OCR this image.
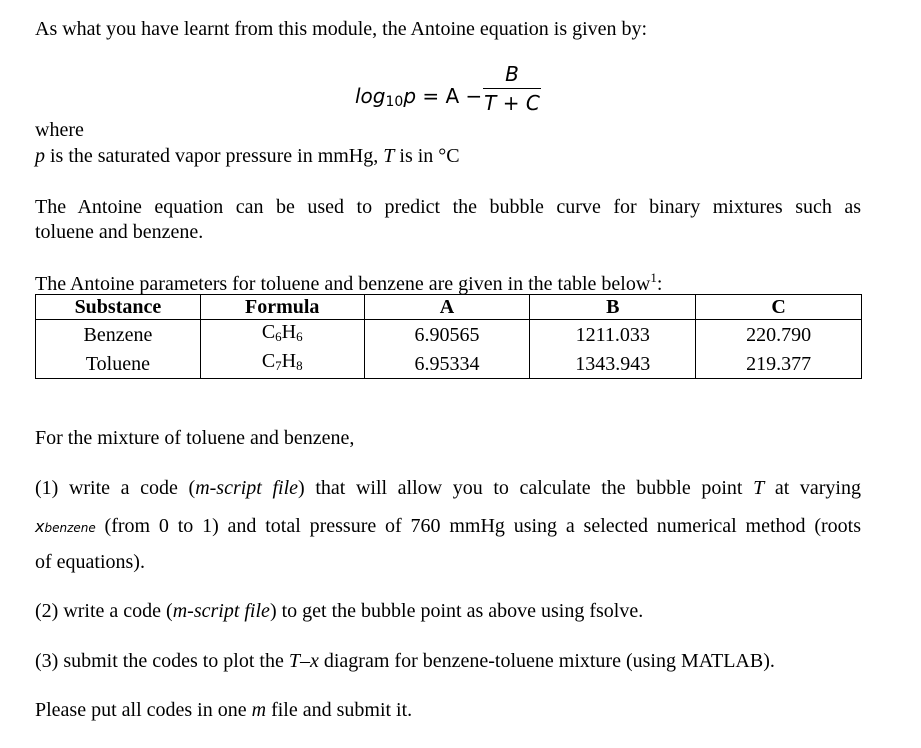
As what you have learnt from this module, the Antoine equation is given by:
$\log_{10}p = A$ −
B
T + C
where
p is the saturated vapor pressure in mmHg, T is in °C
The Antoine equation can be used to predict the bubble curve for binary mixtures such as
toluene and benzene.
The Antoine parameters for toluene and benzene are given in the table below$^1$:
Substance	Formula	A	B	C
Benzene	$C_6H_6$	6.90565	1211.033	220.790
Toluene	$C_7H_8$	6.95334	1343.943	219.377
For the mixture of toluene and benzene,
(1) write a code (m-script file) that will allow you to calculate the bubble point T at varying
xbenzene (from 0 to 1) and total pressure of 760 mmHg using a selected numerical method (roots
of equations).
(2) write a code (m-script file) to get the bubble point as above using fsolve.
(3) submit the codes to plot the T–x diagram for benzene-toluene mixture (using MATLAB).
Please put all codes in one m file and submit it.
